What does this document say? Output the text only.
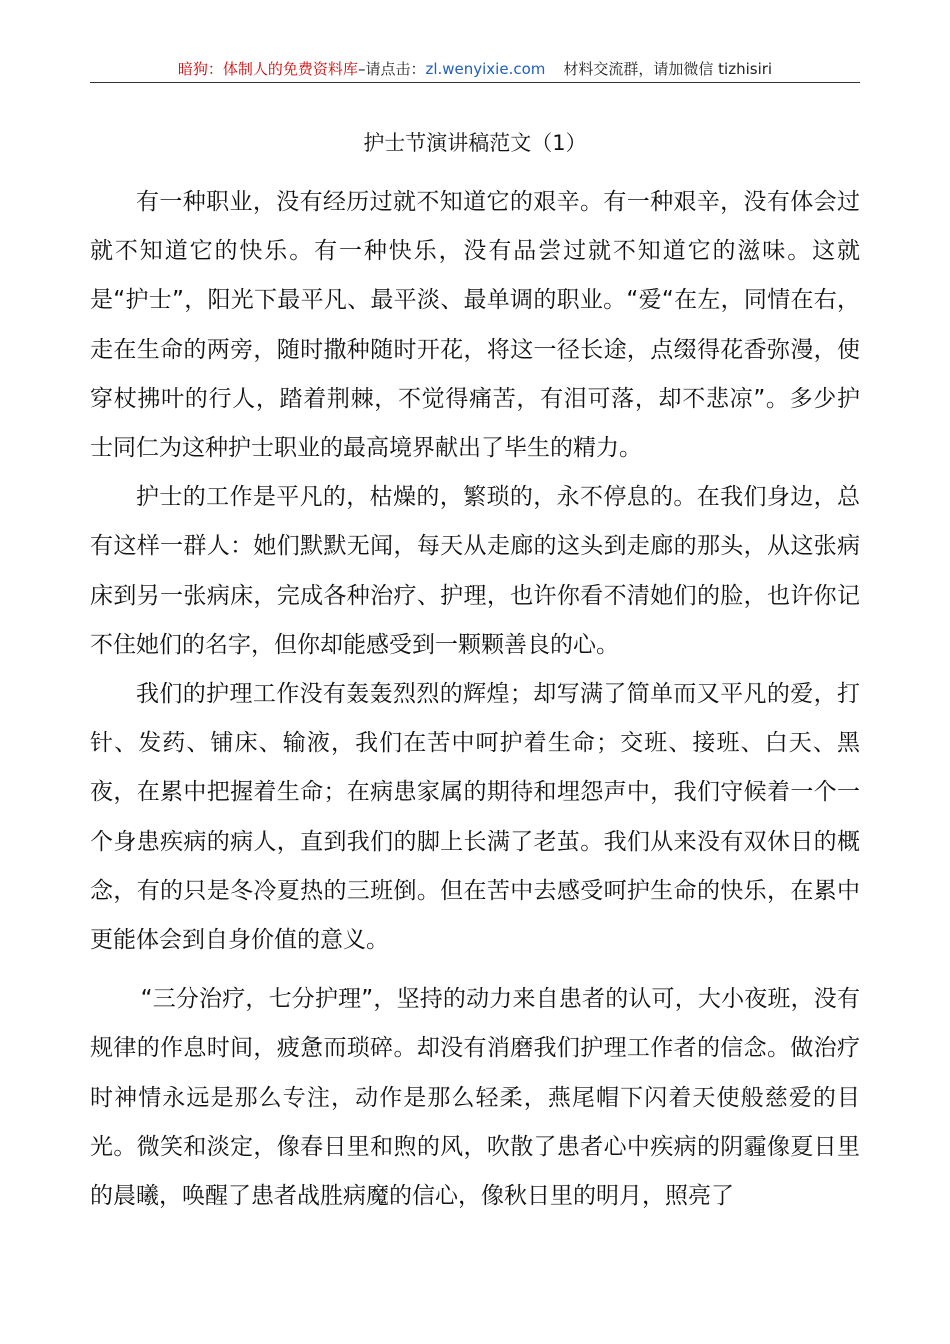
暗狗：体制人的免费资料库–请点击：zl.wenyixie.com 材料交流群，请加微信 tizhisiri
护士节演讲稿范文（1）

有一种职业，没有经历过就不知道它的艰辛。有一种艰辛，没有体会过就不知道它的快乐。有一种快乐，没有品尝过就不知道它的滋味。这就是“护士”，阳光下最平凡、最平淡、最单调的职业。“爱“在左，同情在右，走在生命的两旁，随时撒种随时开花，将这一径长途，点缀得花香弥漫，使穿杖拂叶的行人，踏着荆棘，不觉得痛苦，有泪可落，却不悲凉”。多少护士同仁为这种护士职业的最高境界献出了毕生的精力。

护士的工作是平凡的，枯燥的，繁琐的，永不停息的。在我们身边，总有这样一群人：她们默默无闻，每天从走廊的这头到走廊的那头，从这张病床到另一张病床，完成各种治疗、护理，也许你看不清她们的脸，也许你记不住她们的名字，但你却能感受到一颗颗善良的心。

我们的护理工作没有轰轰烈烈的辉煌；却写满了简单而又平凡的爱，打针、发药、铺床、输液，我们在苦中呵护着生命；交班、接班、白天、黑夜，在累中把握着生命；在病患家属的期待和埋怨声中，我们守候着一个一个身患疾病的病人，直到我们的脚上长满了老茧。我们从来没有双休日的概念，有的只是冬冷夏热的三班倒。但在苦中去感受呵护生命的快乐，在累中更能体会到自身价值的意义。

“三分治疗，七分护理”，坚持的动力来自患者的认可，大小夜班，没有规律的作息时间，疲惫而琐碎。却没有消磨我们护理工作者的信念。做治疗时神情永远是那么专注，动作是那么轻柔，燕尾帽下闪着天使般慈爱的目光。微笑和淡定，像春日里和煦的风，吹散了患者心中疾病的阴霾像夏日里的晨曦，唤醒了患者战胜病魔的信心，像秋日里的明月，照亮了
